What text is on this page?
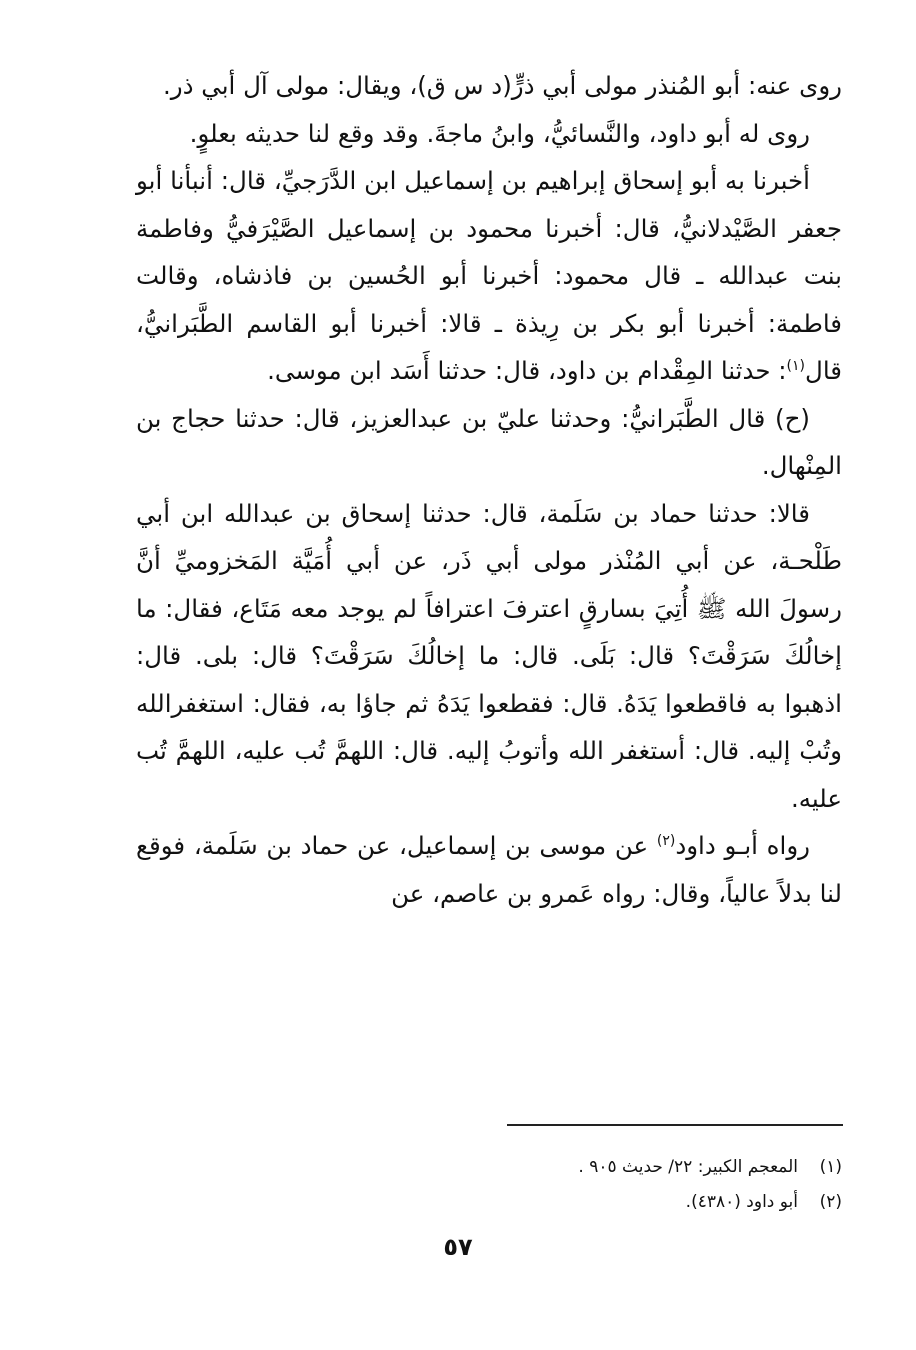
روى عنه: أبو المُنذر مولى أبي ذرٍّ(د س ق)، ويقال: مولى آل أبي ذر.

روى له أبو داود، والنَّسائيُّ، وابنُ ماجةَ. وقد وقع لنا حديثه بعلوٍ.

أخبرنا به أبو إسحاق إبراهيم بن إسماعيل ابن الدَّرَجيِّ، قال: أنبأنا أبو جعفر الصَّيْدلانيُّ، قال: أخبرنا محمود بن إسماعيل الصَّيْرَفيُّ وفاطمة بنت عبدالله ـ قال محمود: أخبرنا أبو الحُسين بن فاذشاه، وقالت فاطمة: أخبرنا أبو بكر بن رِيذة ـ قالا: أخبرنا أبو القاسم الطَّبَرانيُّ، قال$^{(١)}$: حدثنا المِقْدام بن داود، قال: حدثنا أَسَد ابن موسى.

(ح) قال الطَّبَرانيُّ: وحدثنا عليّ بن عبدالعزيز، قال: حدثنا حجاج بن المِنْهال.

قالا: حدثنا حماد بن سَلَمة، قال: حدثنا إسحاق بن عبدالله ابن أبي طَلْحـة، عن أبي المُنْذر مولى أبي ذَر، عن أبي أُمَيَّة المَخزوميِّ أنَّ رسولَ الله ﷺ أُتِيَ بسارقٍ اعترفَ اعترافاً لم يوجد معه مَتَاع، فقال: ما إخالُكَ سَرَقْتَ؟ قال: بَلَى. قال: ما إخالُكَ سَرَقْتَ؟ قال: بلى. قال: اذهبوا به فاقطعوا يَدَهُ. قال: فقطعوا يَدَهُ ثم جاؤا به، فقال: استغفرالله وتُبْ إليه. قال: أستغفر الله وأتوبُ إليه. قال: اللهمَّ تُب عليه، اللهمَّ تُب عليه.

رواه أبـو داود$^{(٢)}$ عن موسى بن إسماعيل، عن حماد بن سَلَمة، فوقع لنا بدلاً عالياً، وقال: رواه عَمرو بن عاصم، عن

(١)
المعجم الكبير: ٢٢/ حديث ٩٠٥ .
(٢)
أبو داود (٤٣٨٠).
٥٧
